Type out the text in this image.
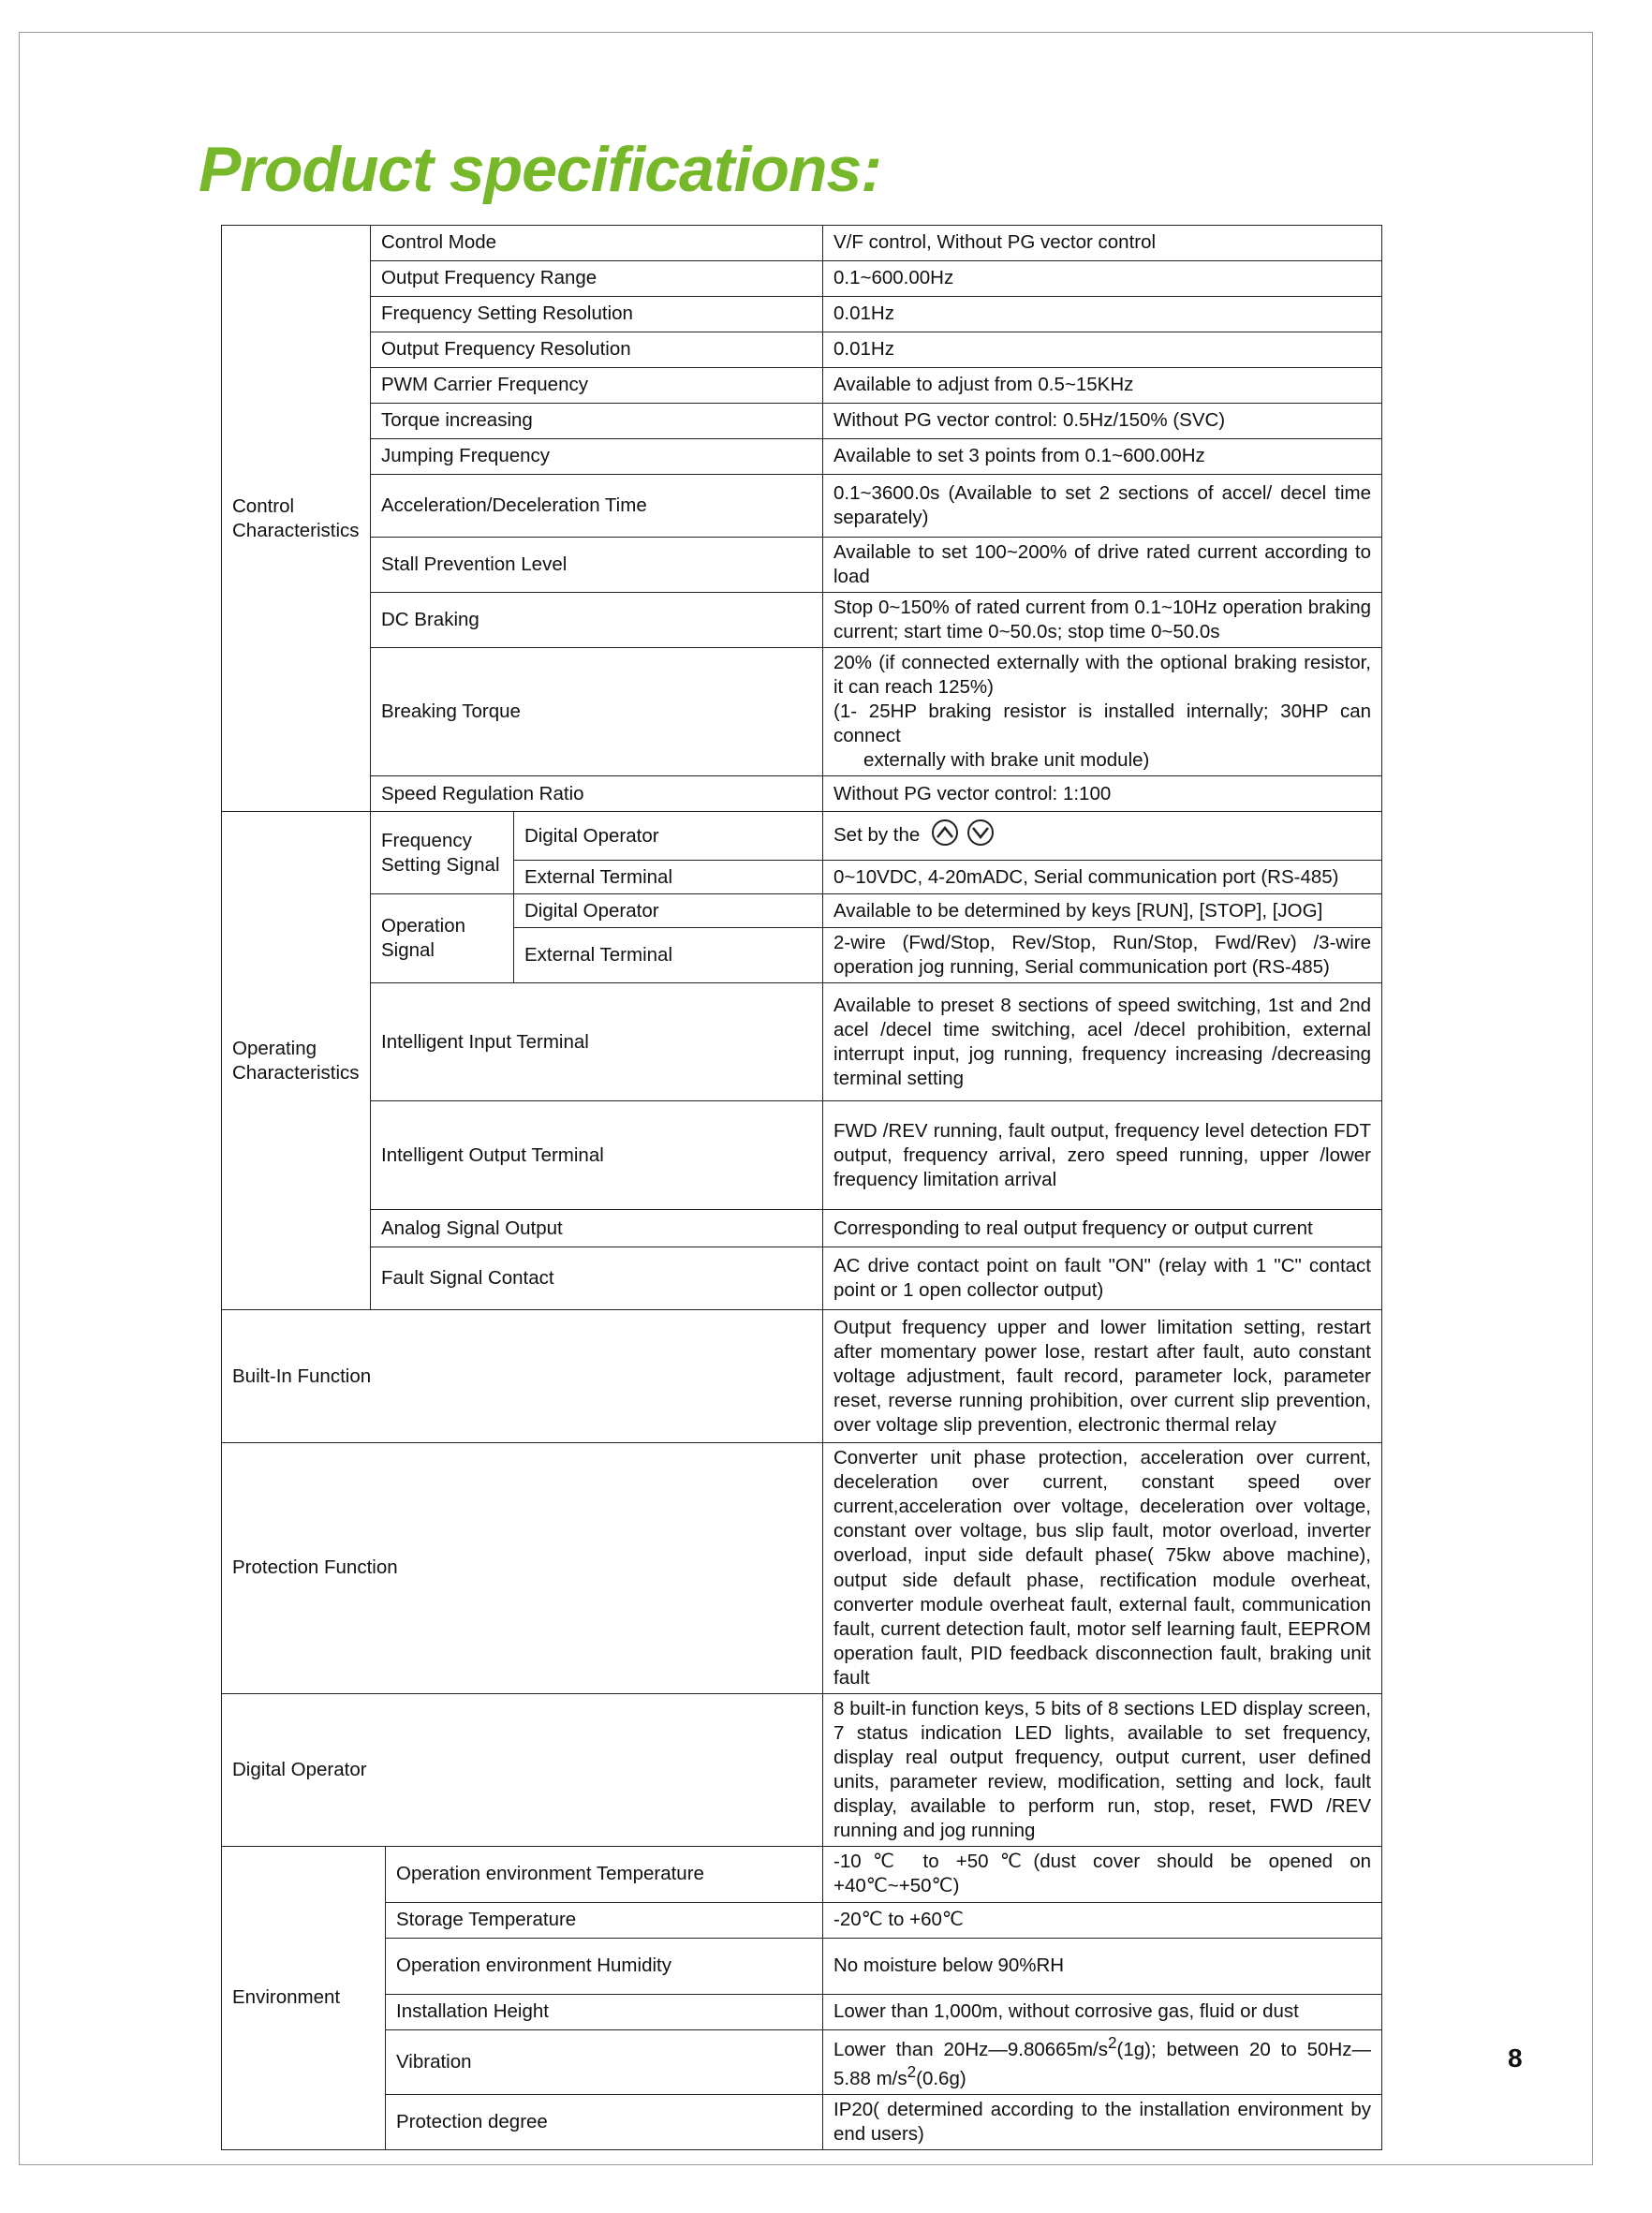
Product specifications:
Control Characteristics	Control Mode			V/F control, Without PG vector control
	Output Frequency Range			0.1~600.00Hz
	Frequency Setting Resolution			0.01Hz
	Output Frequency Resolution			0.01Hz
	PWM Carrier Frequency			Available to adjust from 0.5~15KHz
	Torque increasing			Without PG vector control: 0.5Hz/150% (SVC)
	Jumping Frequency			Available to set 3 points from 0.1~600.00Hz
	Acceleration/Deceleration Time			0.1~3600.0s (Available to set 2 sections of accel/ decel time separately)
	Stall Prevention Level			Available to set 100~200% of drive rated current according to load
	DC Braking			Stop 0~150% of rated current from 0.1~10Hz operation braking current; start time 0~50.0s; stop time 0~50.0s
	Breaking Torque			20% (if connected externally with the optional braking resistor, it can reach 125%)
(1- 25HP braking resistor is installed internally; 30HP can connect
externally with brake unit module)

	Speed Regulation Ratio			Without PG vector control: 1:100
Operating Characteristics	Frequency Setting Signal		Digital Operator	Set by the
			External Terminal	0~10VDC, 4-20mADC, Serial communication port (RS-485)
	Operation Signal		Digital Operator	Available to be determined by keys [RUN], [STOP], [JOG]
			External Terminal	2-wire (Fwd/Stop, Rev/Stop, Run/Stop, Fwd/Rev) /3-wire operation jog running, Serial communication port (RS-485)
	Intelligent Input Terminal			Available to preset 8 sections of speed switching, 1st and 2nd acel /decel time switching, acel /decel prohibition, external interrupt input, jog running, frequency increasing /decreasing terminal setting
	Intelligent Output Terminal			FWD /REV running, fault output, frequency level detection FDT output, frequency arrival, zero speed running, upper /lower frequency limitation arrival
	Analog Signal Output			Corresponding to real output frequency or output current
	Fault Signal Contact			AC drive contact point on fault "ON" (relay with 1 "C" contact point or 1 open collector output)
Built-In Function				Output frequency upper and lower limitation setting, restart after momentary power lose, restart after fault, auto constant voltage adjustment, fault record, parameter lock, parameter reset, reverse running prohibition, over current slip prevention, over voltage slip prevention, electronic thermal relay
Protection Function				Converter unit phase protection, acceleration over current, deceleration over current, constant speed over current,acceleration over voltage, deceleration over voltage, constant over voltage, bus slip fault, motor overload, inverter overload, input side default phase( 75kw above machine), output side default phase, rectification module overheat, converter module overheat fault, external fault, communication fault, current detection fault, motor self learning fault, EEPROM operation fault, PID feedback disconnection fault, braking unit fault
Digital Operator				8 built-in function keys, 5 bits of 8 sections LED display screen, 7 status indication LED lights, available to set frequency, display real output frequency, output current, user defined units, parameter review, modification, setting and lock, fault display, available to perform run, stop, reset, FWD /REV running and jog running
Environment		Operation environment Temperature		-10℃ to +50℃(dust cover should be opened on +40℃~+50℃)
		Storage Temperature		-20℃ to +60℃
		Operation environment Humidity		No moisture below 90%RH
		Installation Height		Lower than 1,000m, without corrosive gas, fluid or dust
		Vibration		Lower than $20Hz—9.80665m/s^2(1g)$; between 20 to 50Hz—5.88 $m/s^2(0.6g)$
		Protection degree		IP20( determined according to the installation environment by end users)
8
